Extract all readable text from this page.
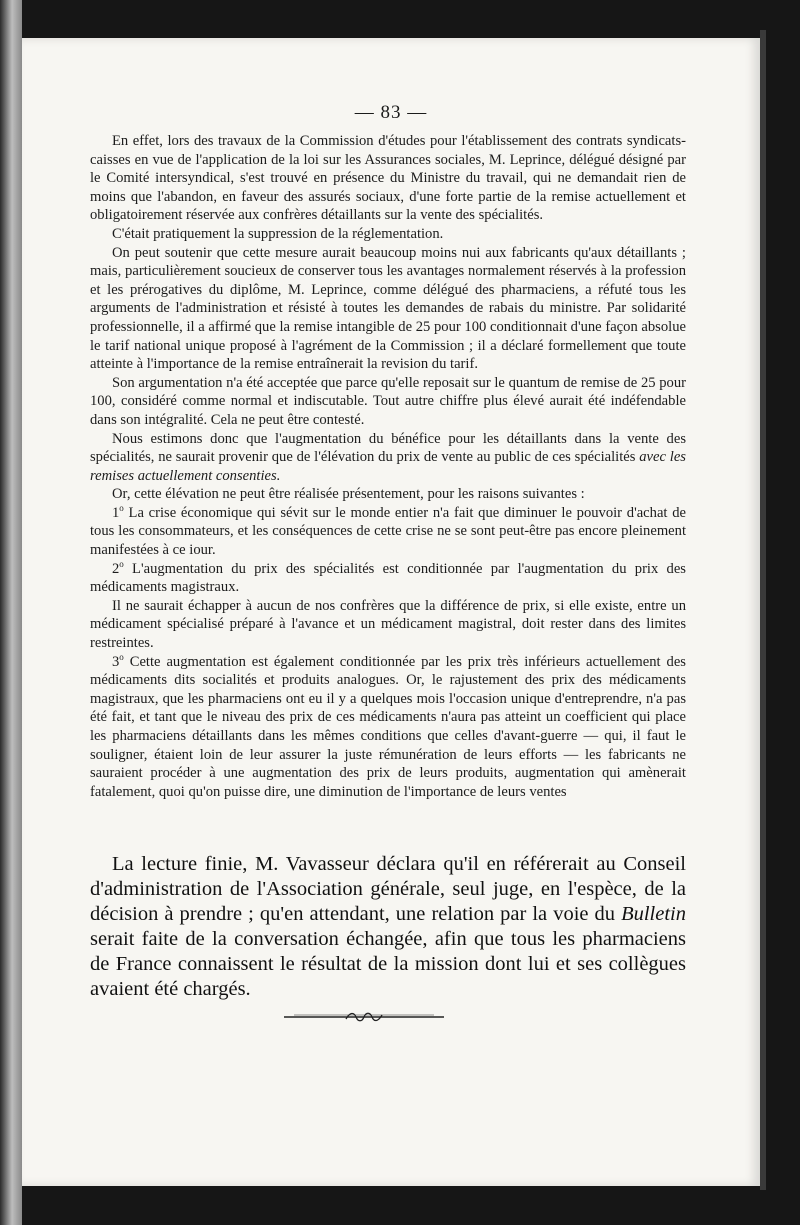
— 83 —

En effet, lors des travaux de la Commission d'études pour l'établissement des contrats syndicats-caisses en vue de l'application de la loi sur les Assurances sociales, M. Leprince, délégué désigné par le Comité intersyndical, s'est trouvé en présence du Ministre du travail, qui ne demandait rien de moins que l'abandon, en faveur des assurés sociaux, d'une forte partie de la remise actuellement et obligatoirement réservée aux confrères détaillants sur la vente des spécialités.

C'était pratiquement la suppression de la réglementation.

On peut soutenir que cette mesure aurait beaucoup moins nui aux fabricants qu'aux détaillants ; mais, particulièrement soucieux de conserver tous les avantages normalement réservés à la profession et les prérogatives du diplôme, M. Leprince, comme délégué des pharmaciens, a réfuté tous les arguments de l'administration et résisté à toutes les demandes de rabais du ministre. Par solidarité professionnelle, il a affirmé que la remise intangible de 25 pour 100 conditionnait d'une façon absolue le tarif national unique proposé à l'agrément de la Commission ; il a déclaré formellement que toute atteinte à l'importance de la remise entraînerait la revision du tarif.

Son argumentation n'a été acceptée que parce qu'elle reposait sur le quantum de remise de 25 pour 100, considéré comme normal et indiscutable. Tout autre chiffre plus élevé aurait été indéfendable dans son intégralité. Cela ne peut être contesté.

Nous estimons donc que l'augmentation du bénéfice pour les détaillants dans la vente des spécialités, ne saurait provenir que de l'élévation du prix de vente au public de ces spécialités avec les remises actuellement consenties.

Or, cette élévation ne peut être réalisée présentement, pour les raisons suivantes :

1$^o$ La crise économique qui sévit sur le monde entier n'a fait que diminuer le pouvoir d'achat de tous les consommateurs, et les conséquences de cette crise ne se sont peut-être pas encore pleinement manifestées à ce iour.

2$^o$ L'augmentation du prix des spécialités est conditionnée par l'augmentation du prix des médicaments magistraux.

Il ne saurait échapper à aucun de nos confrères que la différence de prix, si elle existe, entre un médicament spécialisé préparé à l'avance et un médicament magistral, doit rester dans des limites restreintes.

3$^o$ Cette augmentation est également conditionnée par les prix très inférieurs actuellement des médicaments dits socialités et produits analogues. Or, le rajustement des prix des médicaments magistraux, que les pharmaciens ont eu il y a quelques mois l'occasion unique d'entreprendre, n'a pas été fait, et tant que le niveau des prix de ces médicaments n'aura pas atteint un coefficient qui place les pharmaciens détaillants dans les mêmes conditions que celles d'avant-guerre — qui, il faut le souligner, étaient loin de leur assurer la juste rémunération de leurs efforts — les fabricants ne sauraient procéder à une augmentation des prix de leurs produits, augmentation qui amènerait fatalement, quoi qu'on puisse dire, une diminution de l'importance de leurs ventes

La lecture finie, M. Vavasseur déclara qu'il en référerait au Conseil d'administration de l'Association générale, seul juge, en l'espèce, de la décision à prendre ; qu'en attendant, une relation par la voie du Bulletin serait faite de la conversation échangée, afin que tous les pharmaciens de France connaissent le résultat de la mission dont lui et ses collègues avaient été chargés.
